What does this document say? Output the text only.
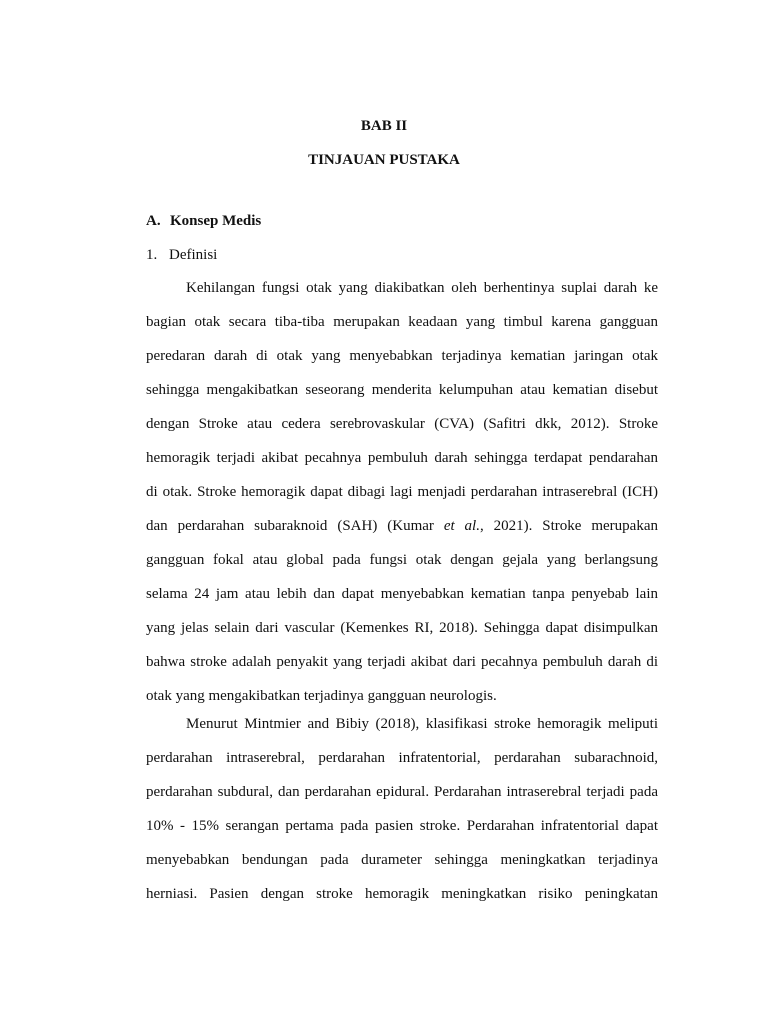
BAB II
TINJAUAN PUSTAKA
A. Konsep Medis
1. Definisi
Kehilangan fungsi otak yang diakibatkan oleh berhentinya suplai darah ke
bagian otak secara tiba-tiba merupakan keadaan yang timbul karena gangguan
peredaran darah di otak yang menyebabkan terjadinya kematian jaringan otak
sehingga mengakibatkan seseorang menderita kelumpuhan atau kematian disebut
dengan Stroke atau cedera serebrovaskular (CVA) (Safitri dkk, 2012). Stroke
hemoragik terjadi akibat pecahnya pembuluh darah sehingga terdapat pendarahan
di otak. Stroke hemoragik dapat dibagi lagi menjadi perdarahan intraserebral (ICH)
dan perdarahan subaraknoid (SAH) (Kumar et al., 2021). Stroke merupakan
gangguan fokal atau global pada fungsi otak dengan gejala yang berlangsung
selama 24 jam atau lebih dan dapat menyebabkan kematian tanpa penyebab lain
yang jelas selain dari vascular (Kemenkes RI, 2018). Sehingga dapat disimpulkan
bahwa stroke adalah penyakit yang terjadi akibat dari pecahnya pembuluh darah di
otak yang mengakibatkan terjadinya gangguan neurologis.
Menurut Mintmier and Bibiy (2018), klasifikasi stroke hemoragik meliputi
perdarahan intraserebral, perdarahan infratentorial, perdarahan subarachnoid,
perdarahan subdural, dan perdarahan epidural. Perdarahan intraserebral terjadi pada
10% - 15% serangan pertama pada pasien stroke. Perdarahan infratentorial dapat
menyebabkan bendungan pada durameter sehingga meningkatkan terjadinya
herniasi. Pasien dengan stroke hemoragik meningkatkan risiko peningkatan
